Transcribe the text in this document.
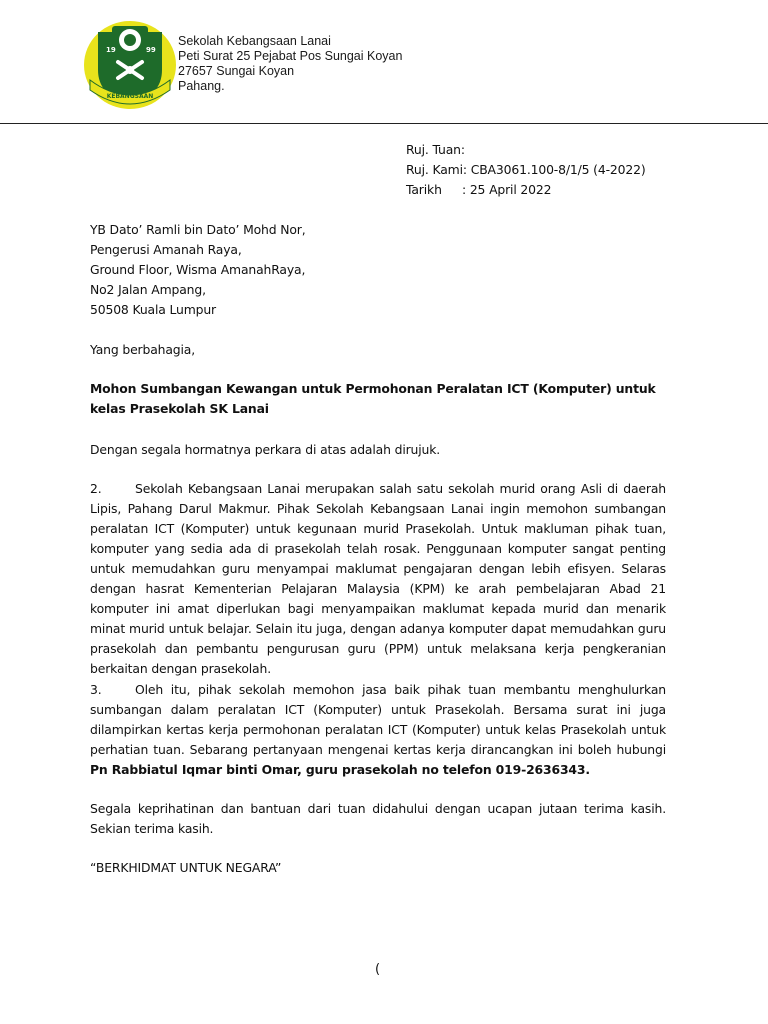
19	99
KEBANGSAAN
Sekolah Kebangsaan Lanai
Peti Surat 25 Pejabat Pos Sungai Koyan
27657 Sungai Koyan
Pahang.
Ruj. Tuan:
Ruj. Kami: CBA3061.100-8/1/5 (4-2022)
Tarikh : 25 April 2022
YB Dato’ Ramli bin Dato’ Mohd Nor,
Pengerusi Amanah Raya,
Ground Floor, Wisma AmanahRaya,
No2 Jalan Ampang,
50508 Kuala Lumpur
Yang berbahagia,
Mohon Sumbangan Kewangan untuk Permohonan Peralatan ICT (Komputer) untuk kelas Prasekolah SK Lanai
Dengan segala hormatnya perkara di atas adalah dirujuk.
2.	Sekolah Kebangsaan Lanai merupakan salah satu sekolah murid orang Asli di daerah Lipis, Pahang Darul Makmur. Pihak Sekolah Kebangsaan Lanai ingin memohon sumbangan peralatan ICT (Komputer) untuk kegunaan murid Prasekolah. Untuk makluman pihak tuan, komputer yang sedia ada di prasekolah telah rosak. Penggunaan komputer sangat penting untuk memudahkan guru menyampai maklumat pengajaran dengan lebih efisyen. Selaras dengan hasrat Kementerian Pelajaran Malaysia (KPM) ke arah pembelajaran Abad 21 komputer ini amat diperlukan bagi menyampaikan maklumat kepada murid dan menarik minat murid untuk belajar. Selain itu juga, dengan adanya komputer dapat memudahkan guru prasekolah dan pembantu pengurusan guru (PPM) untuk melaksana kerja pengkeranian berkaitan dengan prasekolah.
3.	Oleh itu, pihak sekolah memohon jasa baik pihak tuan membantu menghulurkan sumbangan dalam peralatan ICT (Komputer) untuk Prasekolah. Bersama surat ini juga dilampirkan kertas kerja permohonan peralatan ICT (Komputer) untuk kelas Prasekolah untuk perhatian tuan. Sebarang pertanyaan mengenai kertas kerja dirancangkan ini boleh hubungi Pn Rabbiatul Iqmar binti Omar, guru prasekolah no telefon 019-2636343.
Segala keprihatinan dan bantuan dari tuan didahului dengan ucapan jutaan terima kasih. Sekian terima kasih.
“BERKHIDMAT UNTUK NEGARA”
(
